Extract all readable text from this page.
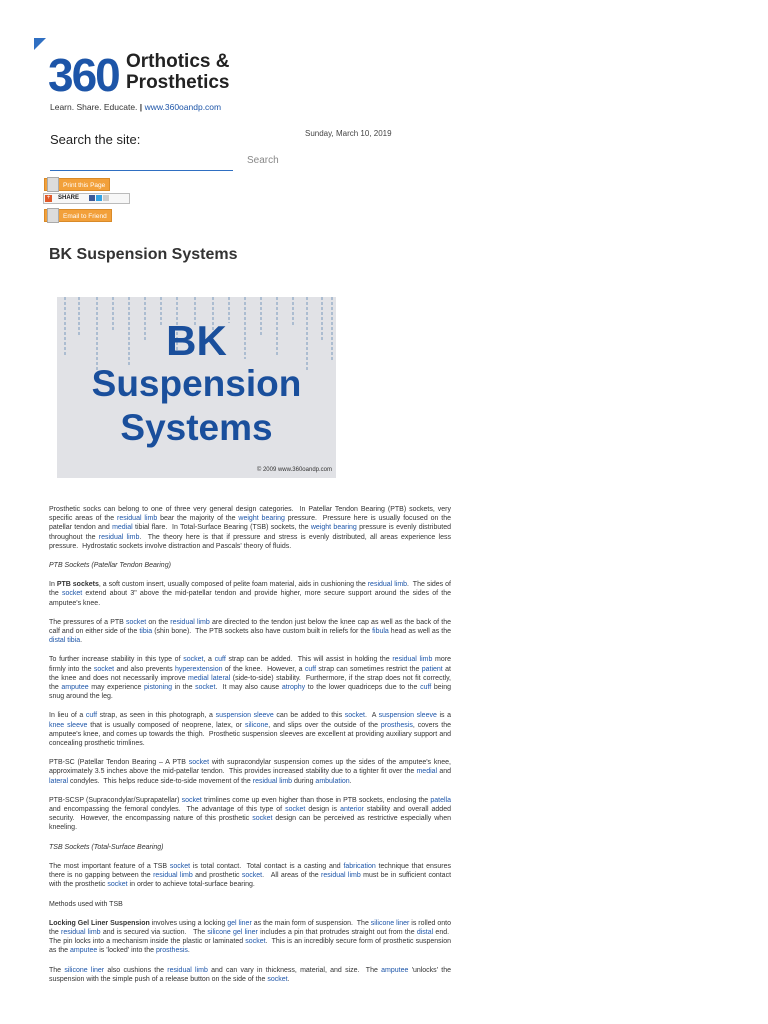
360 Orthotics &
Prosthetics
Learn. Share. Educate. | www.360oandp.com
Search the site:
Search
Sunday, March 10, 2019
Print this Page
+ SHARE
Email to Friend
BK Suspension Systems
BK
Suspension
Systems
© 2009 www.360oandp.com

Prosthetic socks can belong to one of three very general design categories.  In Patellar Tendon Bearing (PTB) sockets, very specific areas of the residual limb bear the majority of the weight bearing pressure.  Pressure here is usually focused on the patellar tendon and medial tibial flare.  In Total-Surface Bearing (TSB) sockets, the weight bearing pressure is evenly distributed throughout the residual limb.  The theory here is that if pressure and stress is evenly distributed, all areas experience less pressure.  Hydrostatic sockets involve distraction and Pascals' theory of fluids.

PTB Sockets (Patellar Tendon Bearing)

In PTB sockets, a soft custom insert, usually composed of pelite foam material, aids in cushioning the residual limb.  The sides of the socket extend about 3" above the mid-patellar tendon and provide higher, more secure support around the sides of the amputee's knee.

The pressures of a PTB socket on the residual limb are directed to the tendon just below the knee cap as well as the back of the calf and on either side of the tibia (shin bone).  The PTB sockets also have custom built in reliefs for the fibula head as well as the distal tibia.

To further increase stability in this type of socket, a cuff strap can be added.  This will assist in holding the residual limb more firmly into the socket and also prevents hyperextension of the knee.  However, a cuff strap can sometimes restrict the patient at the knee and does not necessarily improve medial lateral (side-to-side) stability.  Furthermore, if the strap does not fit correctly, the amputee may experience pistoning in the socket.  It may also cause atrophy to the lower quadriceps due to the cuff being snug around the leg.

In lieu of a cuff strap, as seen in this photograph, a suspension sleeve can be added to this socket.  A suspension sleeve is a knee sleeve that is usually composed of neoprene, latex, or silicone, and slips over the outside of the prosthesis, covers the amputee's knee, and comes up towards the thigh.  Prosthetic suspension sleeves are excellent at providing auxiliary support and concealing prosthetic trimlines.

PTB-SC (Patellar Tendon Bearing – A PTB socket with supracondylar suspension comes up the sides of the amputee's knee, approximately 3.5 inches above the mid-patellar tendon.  This provides increased stability due to a tighter fit over the medial and lateral condyles.  This helps reduce side-to-side movement of the residual limb during ambulation.

PTB-SCSP (Supracondylar/Suprapatellar) socket trimlines come up even higher than those in PTB sockets, enclosing the patella and encompassing the femoral condyles.  The advantage of this type of socket design is anterior stability and overall added security.  However, the encompassing nature of this prosthetic socket design can be perceived as restrictive especially when kneeling.

TSB Sockets (Total-Surface Bearing)

The most important feature of a TSB socket is total contact.  Total contact is a casting and fabrication technique that ensures there is no gapping between the residual limb and prosthetic socket.   All areas of the residual limb must be in sufficient contact with the prosthetic socket in order to achieve total-surface bearing.

Methods used with TSB

Locking Gel Liner Suspension involves using a locking gel liner as the main form of suspension.  The silicone liner is rolled onto the residual limb and is secured via suction.   The silicone gel liner includes a pin that protrudes straight out from the distal end.  The pin locks into a mechanism inside the plastic or laminated socket.  This is an incredibly secure form of prosthetic suspension as the amputee is 'locked' into the prosthesis.

The silicone liner also cushions the residual limb and can vary in thickness, material, and size.  The amputee 'unlocks' the suspension with the simple push of a release button on the side of the socket.
